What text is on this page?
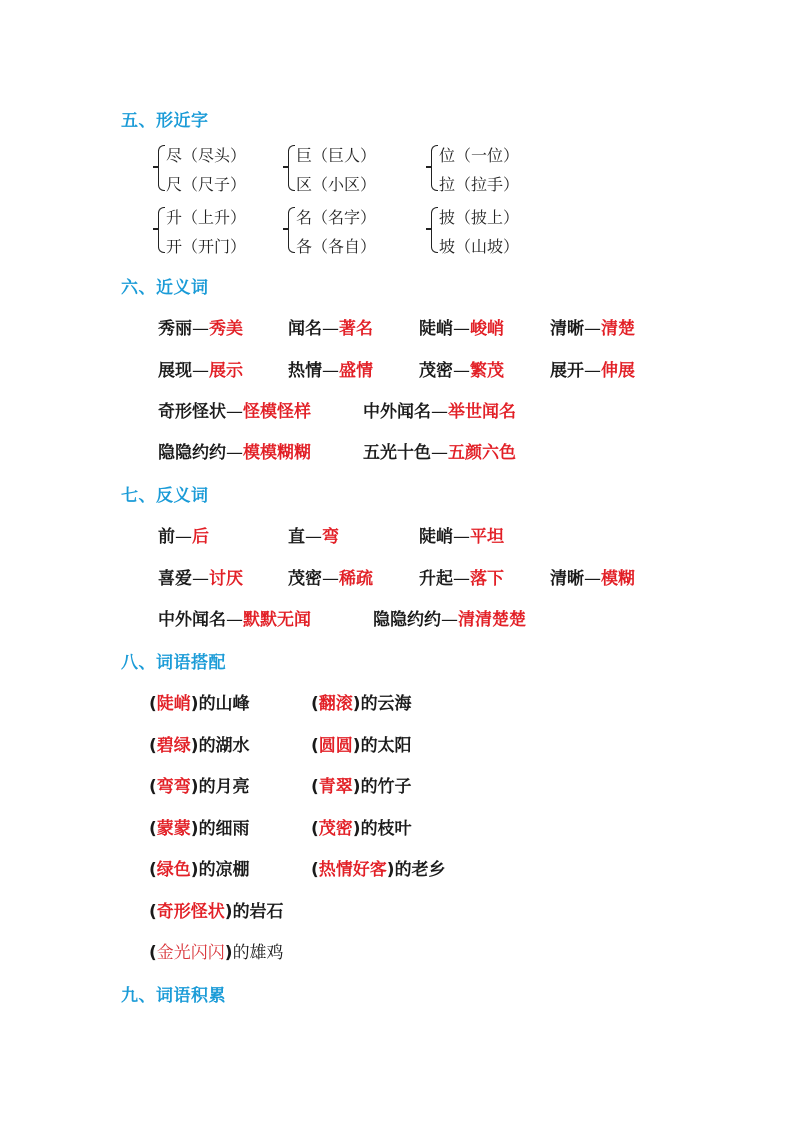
五、形近字
尽（尽头）
尺（尺子）
巨（巨人）
区（小区）
位（一位）
拉（拉手）
升（上升）
开（开门）
名（名字）
各（各自）
披（披上）
坡（山坡）
六、近义词
秀丽—秀美	闻名—著名	陡峭—峻峭	清晰—清楚
展现—展示	热情—盛情	茂密—繁茂	展开—伸展
奇形怪状—怪模怪样	中外闻名—举世闻名
隐隐约约—模模糊糊	五光十色—五颜六色
七、反义词
前—后	直—弯	陡峭—平坦
喜爱—讨厌	茂密—稀疏	升起—落下	清晰—模糊
中外闻名—默默无闻	隐隐约约—清清楚楚
八、词语搭配
(陡峭)的山峰	(翻滚)的云海
(碧绿)的湖水	(圆圆)的太阳
(弯弯)的月亮	(青翠)的竹子
(蒙蒙)的细雨	(茂密)的枝叶
(绿色)的凉棚	(热情好客)的老乡
(奇形怪状)的岩石
(金光闪闪)的雄鸡
九、词语积累
